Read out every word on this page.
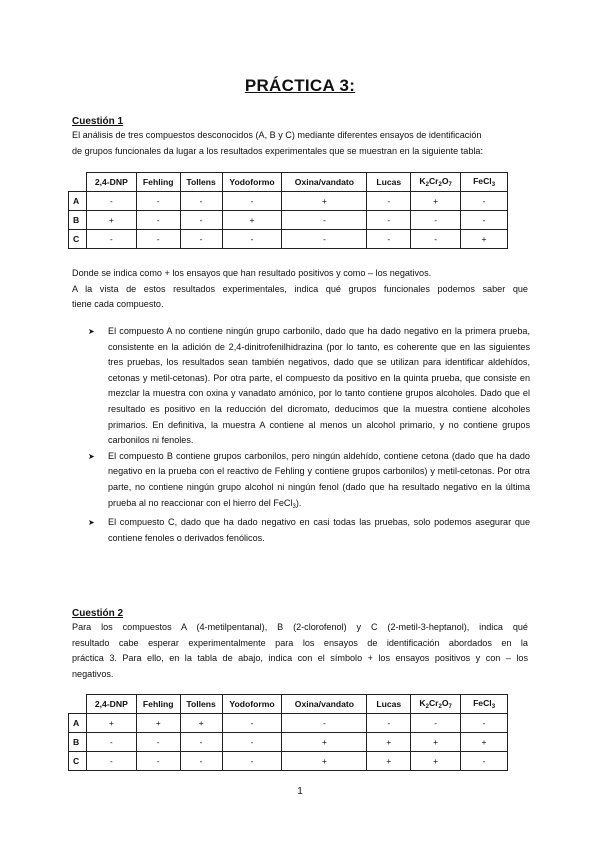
PRÁCTICA 3:
Cuestión 1
El análisis de tres compuestos desconocidos (A, B y C) mediante diferentes ensayos de identificación
de grupos funcionales da lugar a los resultados experimentales que se muestran en la siguiente tabla:
	2,4-DNP	Fehling	Tollens	Yodoformo	Oxina/vandato	Lucas	$K_2Cr_2O_7$	FeCl$_3$
A	-	-	-	-	+	-	+	-
B	+	-	-	+	-	-	-	-
C	-	-	-	-	-	-	-	+
Donde se indica como + los ensayos que han resultado positivos y como – los negativos.
A la vista de estos resultados experimentales, indica qué grupos funcionales podemos saber que
tiene cada compuesto.
➤ El compuesto A no contiene ningún grupo carbonilo, dado que ha dado negativo en la primera prueba, consistente en la adición de 2,4-dinitrofenilhidrazina (por lo tanto, es coherente que en las siguientes tres pruebas, los resultados sean también negativos, dado que se utilizan para identificar aldehídos, cetonas y metil-cetonas). Por otra parte, el compuesto da positivo en la quinta prueba, que consiste en mezclar la muestra con oxina y vanadato amónico, por lo tanto contiene grupos alcoholes. Dado que el resultado es positivo en la reducción del dicromato, deducimos que la muestra contiene alcoholes primarios. En definitiva, la muestra A contiene al menos un alcohol primario, y no contiene grupos carbonilos ni fenoles.
➤ El compuesto B contiene grupos carbonilos, pero ningún aldehído, contiene cetona (dado que ha dado negativo en la prueba con el reactivo de Fehling y contiene grupos carbonilos) y metil-cetonas. Por otra parte, no contiene ningún grupo alcohol ni ningún fenol (dado que ha resultado negativo en la última prueba al no reaccionar con el hierro del FeCl$_3$).
➤ El compuesto C, dado que ha dado negativo en casi todas las pruebas, solo podemos asegurar que contiene fenoles o derivados fenólicos.
Cuestión 2
Para los compuestos A (4-metilpentanal), B (2-clorofenol) y C (2-metil-3-heptanol), indica qué
resultado cabe esperar experimentalmente para los ensayos de identificación abordados en la
práctica 3. Para ello, en la tabla de abajo, indica con el símbolo + los ensayos positivos y con – los
negativos.
	2,4-DNP	Fehling	Tollens	Yodoformo	Oxina/vandato	Lucas	$K_2Cr_2O_7$	FeCl$_3$
A	+	+	+	-	-	-	-	-
B	-	-	-	-	+	+	+	+
C	-	-	-	-	+	+	+	-
1
